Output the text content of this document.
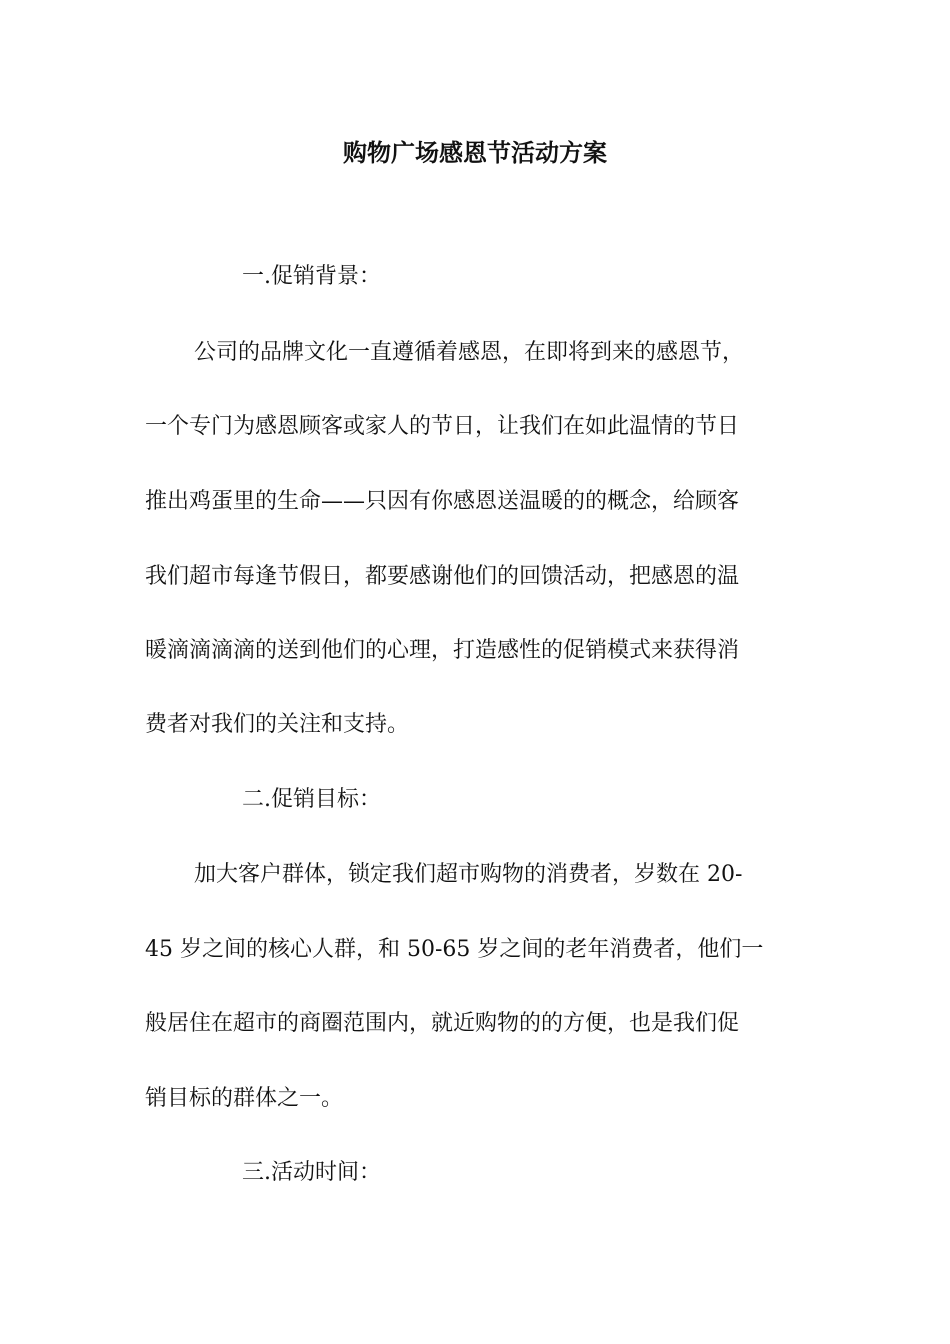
购物广场感恩节活动方案
一.促销背景：
公司的品牌文化一直遵循着感恩，在即将到来的感恩节，
一个专门为感恩顾客或家人的节日，让我们在如此温情的节日
推出鸡蛋里的生命——只因有你感恩送温暖的的概念，给顾客
我们超市每逢节假日，都要感谢他们的回馈活动，把感恩的温
暖滴滴滴滴的送到他们的心理，打造感性的促销模式来获得消
费者对我们的关注和支持。
二.促销目标：
加大客户群体，锁定我们超市购物的消费者，岁数在 20-
45 岁之间的核心人群，和 50-65 岁之间的老年消费者，他们一
般居住在超市的商圈范围内，就近购物的的方便，也是我们促
销目标的群体之一。
三.活动时间：
